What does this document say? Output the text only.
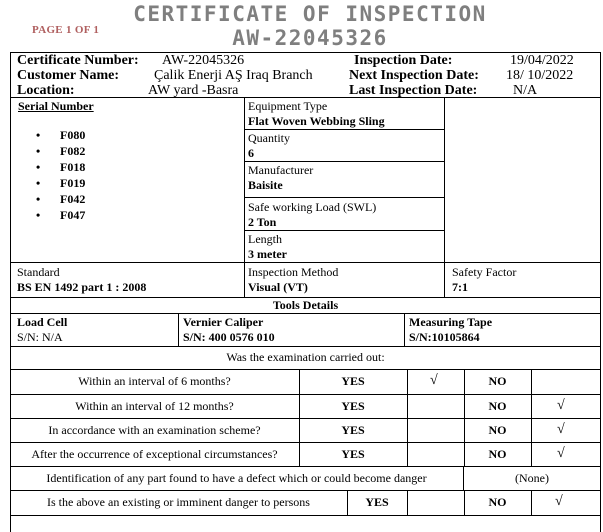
PAGE 1 OF 1
CERTIFICATE OF INSPECTION
AW-22045326
Certificate Number: AW-22045326
Customer Name:	Çalik Enerji AŞ Iraq Branch
Location:	AW yard -Basra
Inspection Date:	19/04/2022
Next Inspection Date: 18/ 10/2022
Last Inspection Date:	N/A
Serial Number
• F080
• F082
• F018
• F019
• F042
• F047
Equipment Type
Flat Woven Webbing Sling
Quantity
6
Manufacturer
Baisite
Safe working Load (SWL)
2 Ton
Length
3 meter
Standard
BS EN 1492 part 1 : 2008
Inspection Method
Visual (VT)
Safety Factor
7:1
Tools Details
Load Cell
S/N: N/A
Vernier Caliper
S/N: 400 0576 010
Measuring Tape
S/N:10105864
Was the examination carried out:
Within an interval of 6 months?	YES	√	NO
Within an interval of 12 months?	YES	NO	√
In accordance with an examination scheme?	YES	NO	√
After the occurrence of exceptional circumstances?	YES	NO	√
Identification of any part found to have a defect which or could become danger	(None)
Is the above an existing or imminent danger to persons	YES	NO	√
